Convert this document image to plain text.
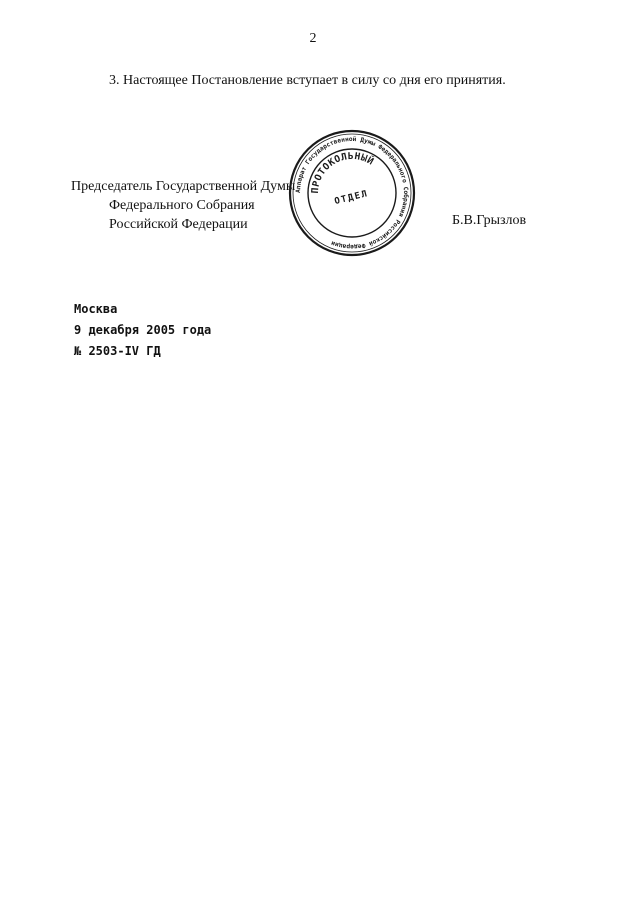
2
3. Настоящее Постановление вступает в силу со дня его принятия.
Председатель Государственной Думы
Федерального Собрания
Российской Федерации	Б.В.Грызлов
Аппарат Государственной Думы Федерального Собрания Российской Федерации
ПРОТОКОЛЬНЫЙ
ОТДЕЛ
Москва
9 декабря 2005 года
№ 2503-IV ГД
